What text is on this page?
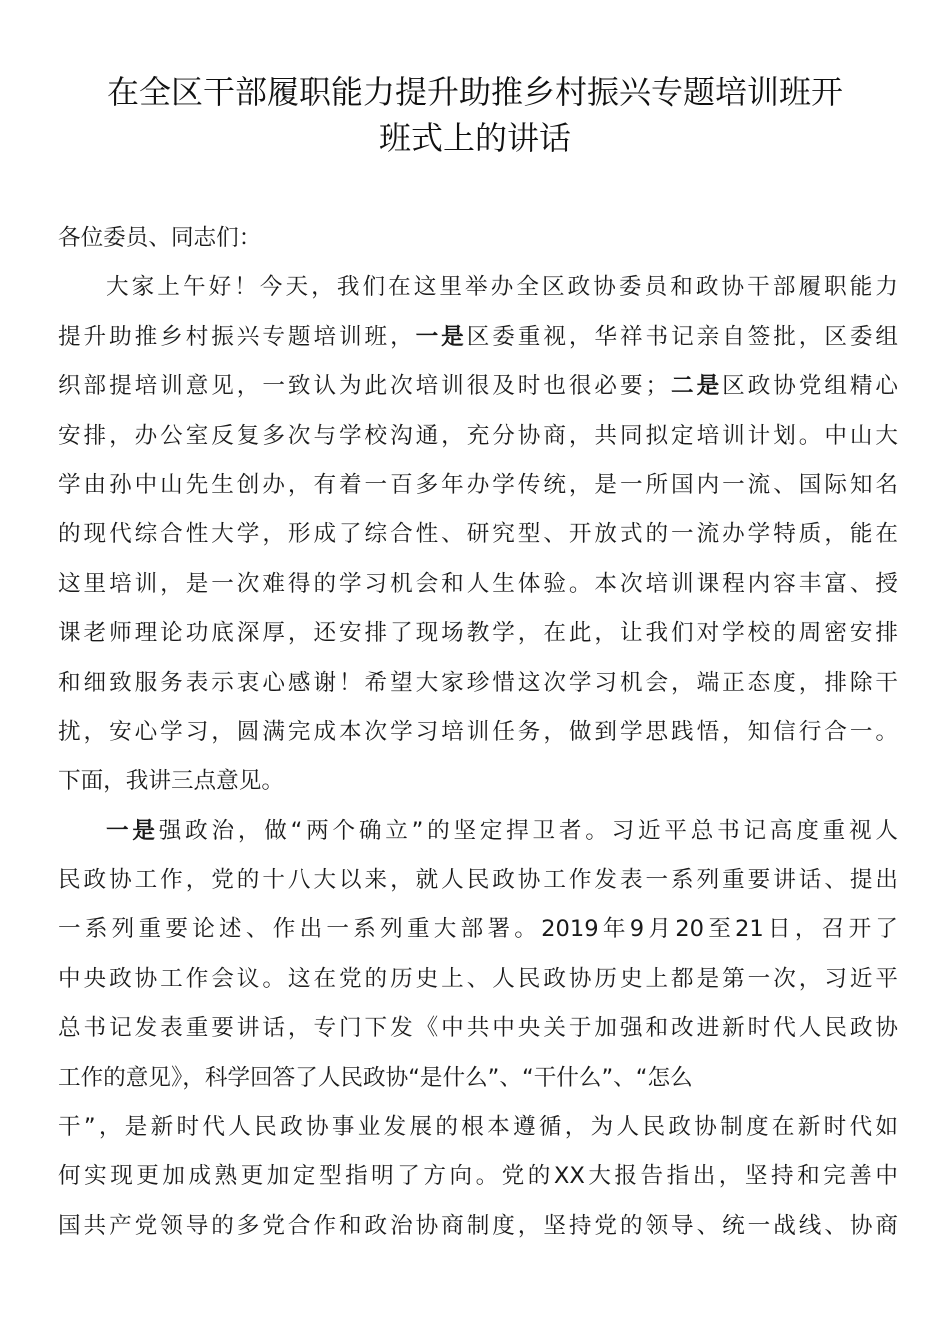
在全区干部履职能力提升助推乡村振兴专题培训班开
班式上的讲话
各位委员、同志们：
大家上午好！今天，我们在这里举办全区政协委员和政协干部履职能力
提升助推乡村振兴专题培训班，一是区委重视，华祥书记亲自签批，区委组
织部提培训意见，一致认为此次培训很及时也很必要；二是区政协党组精心
安排，办公室反复多次与学校沟通，充分协商，共同拟定培训计划。中山大
学由孙中山先生创办，有着一百多年办学传统，是一所国内一流、国际知名
的现代综合性大学，形成了综合性、研究型、开放式的一流办学特质，能在
这里培训，是一次难得的学习机会和人生体验。本次培训课程内容丰富、授
课老师理论功底深厚，还安排了现场教学，在此，让我们对学校的周密安排
和细致服务表示衷心感谢！希望大家珍惜这次学习机会，端正态度，排除干
扰，安心学习，圆满完成本次学习培训任务，做到学思践悟，知信行合一。
下面，我讲三点意见。
一是强政治，做“两个确立”的坚定捍卫者。习近平总书记高度重视人
民政协工作，党的十八大以来，就人民政协工作发表一系列重要讲话、提出
一系列重要论述、作出一系列重大部署。2019年9月20至21日，召开了
中央政协工作会议。这在党的历史上、人民政协历史上都是第一次，习近平
总书记发表重要讲话，专门下发《中共中央关于加强和改进新时代人民政协
工作的意见》，科学回答了人民政协“是什么”、“干什么”、“怎么
干”，是新时代人民政协事业发展的根本遵循，为人民政协制度在新时代如
何实现更加成熟更加定型指明了方向。党的XX大报告指出，坚持和完善中
国共产党领导的多党合作和政治协商制度，坚持党的领导、统一战线、协商
